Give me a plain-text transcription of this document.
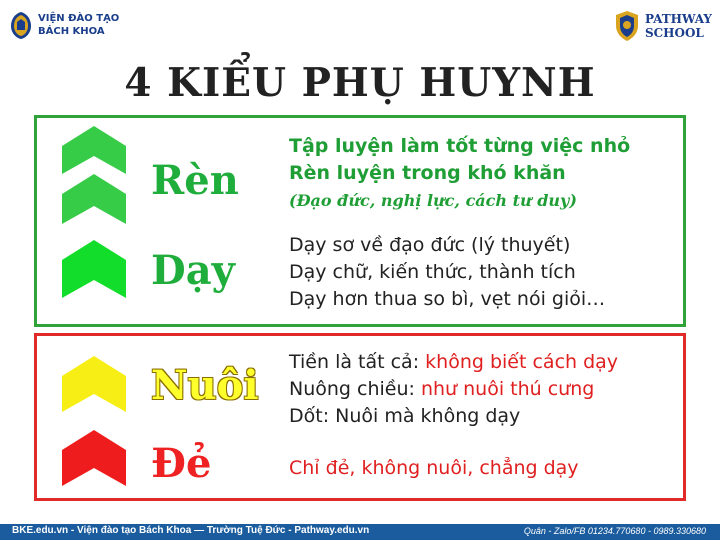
VIỆN ĐÀO TẠO
BÁCH KHOA
PATHWAY
SCHOOL
4 KIỂU PHỤ HUYNH

Rèn

Dạy

Nuôi

Đẻ

Tập luyện làm tốt từng việc nhỏ
Rèn luyện trong khó khăn
(Đạo đức, nghị lực, cách tư duy)
Dạy sơ về đạo đức (lý thuyết)
Dạy chữ, kiến thức, thành tích
Dạy hơn thua so bì, vẹt nói giỏi…
Tiền là tất cả: không biết cách dạy
Nuông chiều: như nuôi thú cưng
Dốt: Nuôi mà không dạy
Chỉ đẻ, không nuôi, chẳng dạy
BKE.edu.vn - Viện đào tạo Bách Khoa — Trường Tuệ Đức - Pathway.edu.vn	Quân - Zalo/FB 01234.770680 - 0989.330680
